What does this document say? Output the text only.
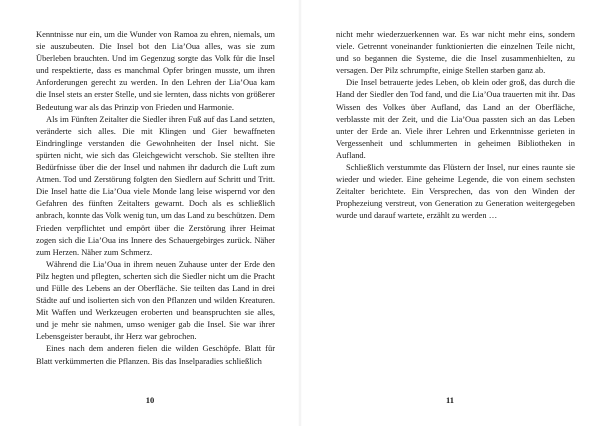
Kenntnisse nur ein, um die Wunder von Ramoa zu ehren, niemals, um sie auszubeuten. Die Insel bot den Lia’Oua alles, was sie zum Überleben brauchten. Und im Gegenzug sorgte das Volk für die Insel und respektierte, dass es manchmal Opfer bringen musste, um ihren Anforderungen gerecht zu werden. In den Lehren der Lia’Oua kam die Insel stets an erster Stelle, und sie lernten, dass nichts von größerer Bedeutung war als das Prinzip von Frieden und Harmonie.

Als im Fünften Zeitalter die Siedler ihren Fuß auf das Land setzten, veränderte sich alles. Die mit Klingen und Gier bewaffneten Eindringlinge verstanden die Gewohnheiten der Insel nicht. Sie spürten nicht, wie sich das Gleichgewicht verschob. Sie stellten ihre Bedürfnisse über die der Insel und nahmen ihr dadurch die Luft zum Atmen. Tod und Zerstörung folgten den Siedlern auf Schritt und Tritt. Die Insel hatte die Lia’Oua viele Monde lang leise wispernd vor den Gefahren des fünften Zeitalters gewarnt. Doch als es schließlich anbrach, konnte das Volk wenig tun, um das Land zu beschützen. Dem Frieden verpflichtet und empört über die Zerstörung ihrer Heimat zogen sich die Lia’Oua ins Innere des Schauergebirges zurück. Näher zum Herzen. Näher zum Schmerz.

Während die Lia’Oua in ihrem neuen Zuhause unter der Erde den Pilz hegten und pflegten, scherten sich die Siedler nicht um die Pracht und Fülle des Lebens an der Oberfläche. Sie teilten das Land in drei Städte auf und isolierten sich von den Pflanzen und wilden Kreaturen. Mit Waffen und Werkzeugen eroberten und beanspruchten sie alles, und je mehr sie nahmen, umso weniger gab die Insel. Sie war ihrer Lebensgeister beraubt, ihr Herz war gebrochen.

Eines nach dem anderen fielen die wilden Geschöpfe. Blatt für Blatt verkümmerten die Pflanzen. Bis das Inselparadies schließlich

10

nicht mehr wiederzuerkennen war. Es war nicht mehr eins, sondern viele. Getrennt voneinander funktionierten die einzelnen Teile nicht, und so begannen die Systeme, die die Insel zusammenhielten, zu versagen. Der Pilz schrumpfte, einige Stellen starben ganz ab.

Die Insel betrauerte jedes Leben, ob klein oder groß, das durch die Hand der Siedler den Tod fand, und die Lia’Oua trauerten mit ihr. Das Wissen des Volkes über Aufland, das Land an der Oberfläche, verblasste mit der Zeit, und die Lia’Oua passten sich an das Leben unter der Erde an. Viele ihrer Lehren und Erkenntnisse gerieten in Vergessenheit und schlummerten in geheimen Bibliotheken in Aufland.

Schließlich verstummte das Flüstern der Insel, nur eines raunte sie wieder und wieder. Eine geheime Legende, die von einem sechsten Zeitalter berichtete. Ein Versprechen, das von den Winden der Prophezeiung verstreut, von Generation zu Generation weitergegeben wurde und darauf wartete, erzählt zu werden …

11
